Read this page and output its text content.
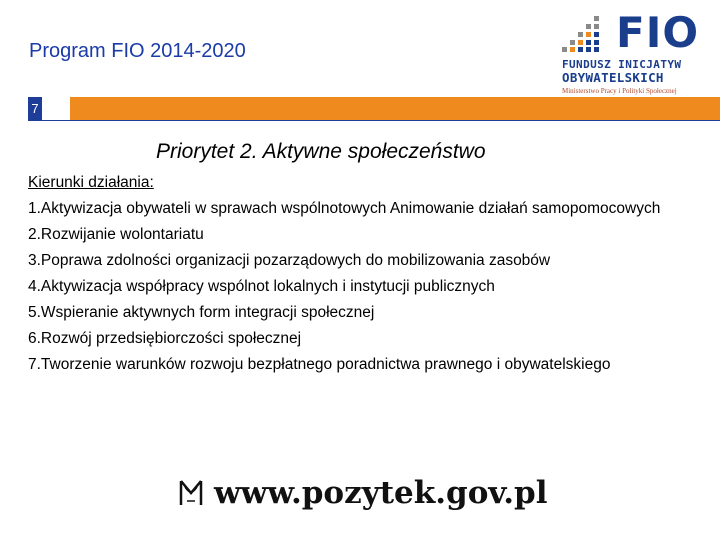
Program FIO 2014-2020	FIO
FUNDUSZ INICJATYW
OBYWATELSKICH
Ministerstwo Pracy i Polityki Społecznej
7
Priorytet 2. Aktywne społeczeństwo
Kierunki działania:
1.Aktywizacja obywateli w sprawach wspólnotowych Animowanie działań samopomocowych
2.Rozwijanie wolontariatu
3.Poprawa zdolności organizacji pozarządowych do mobilizowania zasobów
4.Aktywizacja współpracy wspólnot lokalnych i instytucji publicznych
5.Wspieranie aktywnych form integracji społecznej
6.Rozwój przedsiębiorczości społecznej
7.Tworzenie warunków rozwoju bezpłatnego poradnictwa prawnego i obywatelskiego
www.pozytek.gov.pl
